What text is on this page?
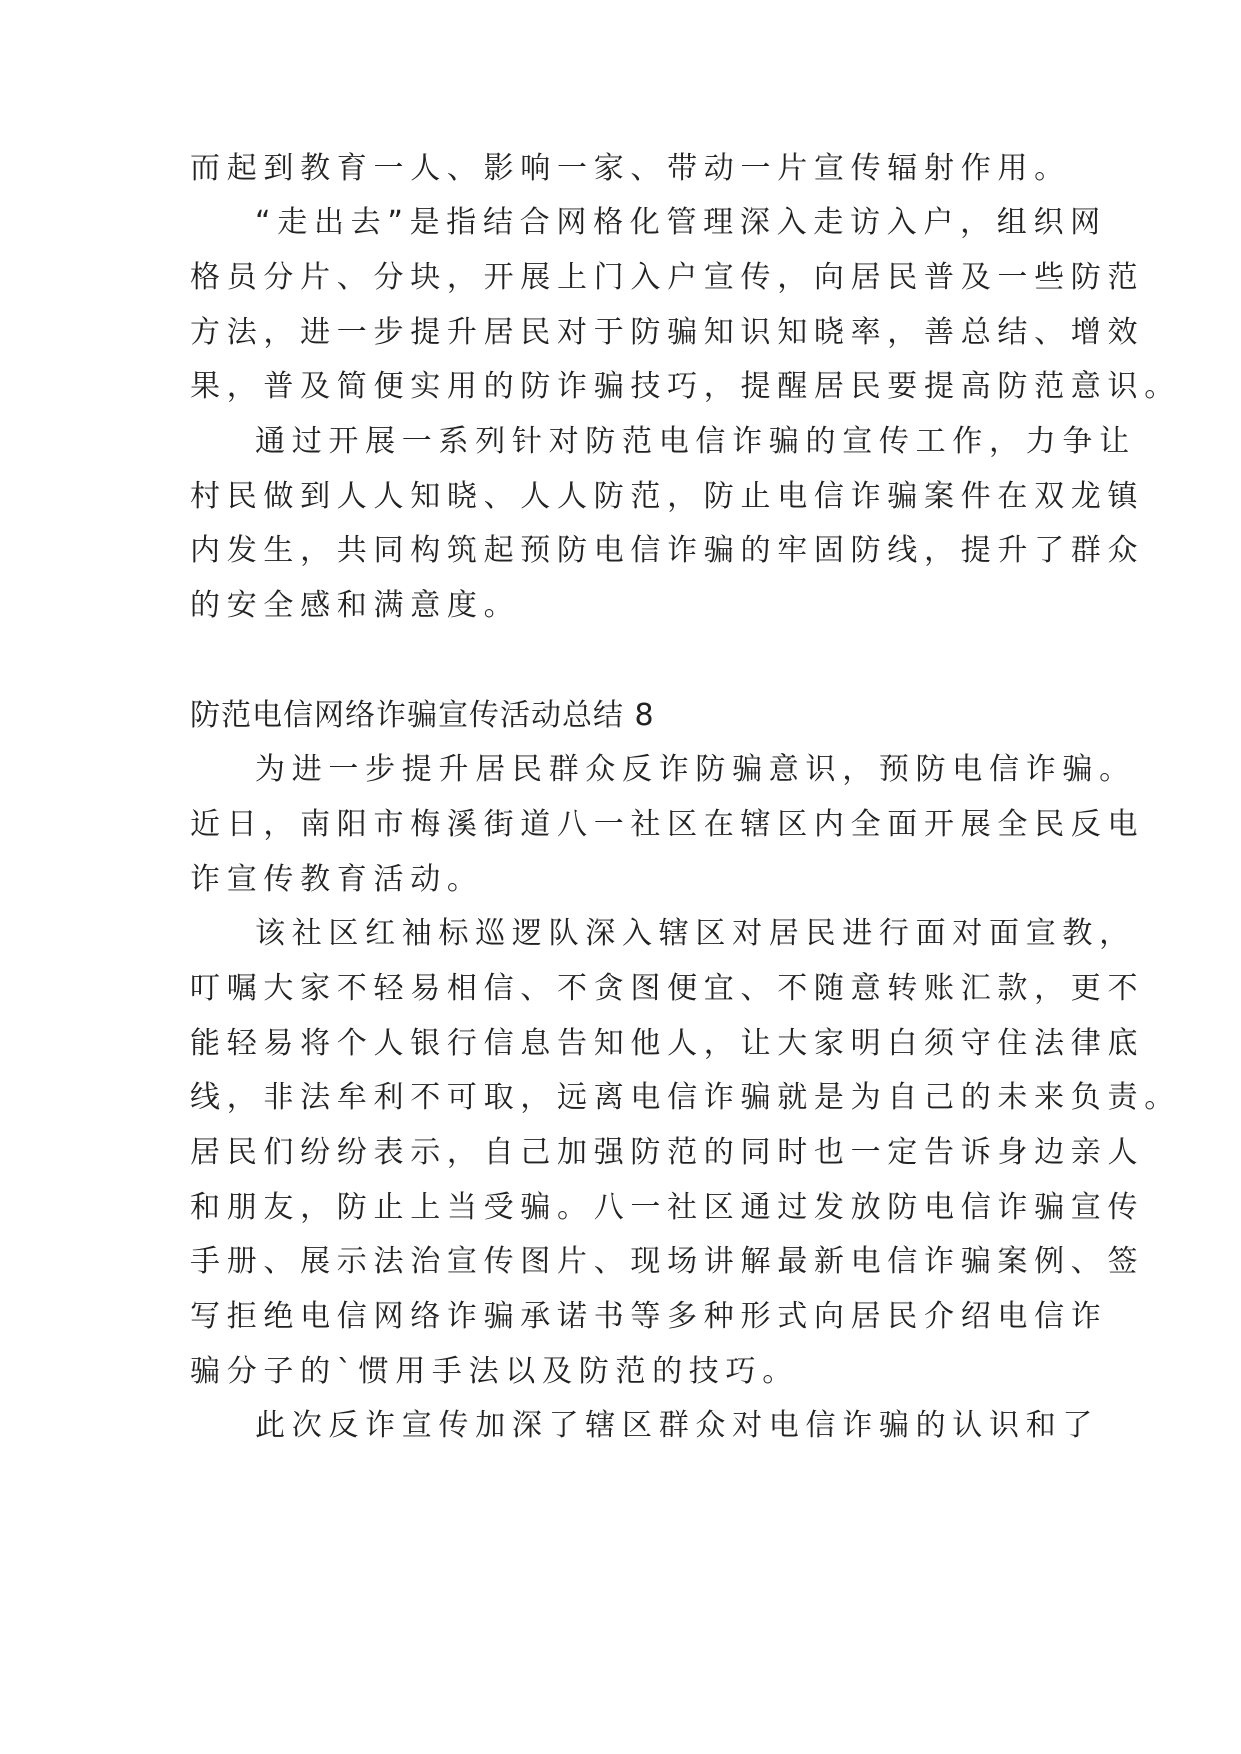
而起到教育一人、影响一家、带动一片宣传辐射作用。
“走出去”是指结合网格化管理深入走访入户，组织网
格员分片、分块，开展上门入户宣传，向居民普及一些防范
方法，进一步提升居民对于防骗知识知晓率，善总结、增效
果，普及简便实用的防诈骗技巧，提醒居民要提高防范意识。
通过开展一系列针对防范电信诈骗的宣传工作，力争让
村民做到人人知晓、人人防范，防止电信诈骗案件在双龙镇
内发生，共同构筑起预防电信诈骗的牢固防线，提升了群众
的安全感和满意度。
防范电信网络诈骗宣传活动总结 8
为进一步提升居民群众反诈防骗意识，预防电信诈骗。
近日，南阳市梅溪街道八一社区在辖区内全面开展全民反电
诈宣传教育活动。
该社区红袖标巡逻队深入辖区对居民进行面对面宣教，
叮嘱大家不轻易相信、不贪图便宜、不随意转账汇款，更不
能轻易将个人银行信息告知他人，让大家明白须守住法律底
线，非法牟利不可取，远离电信诈骗就是为自己的未来负责。
居民们纷纷表示，自己加强防范的同时也一定告诉身边亲人
和朋友，防止上当受骗。八一社区通过发放防电信诈骗宣传
手册、展示法治宣传图片、现场讲解最新电信诈骗案例、签
写拒绝电信网络诈骗承诺书等多种形式向居民介绍电信诈
骗分子的`惯用手法以及防范的技巧。
此次反诈宣传加深了辖区群众对电信诈骗的认识和了
